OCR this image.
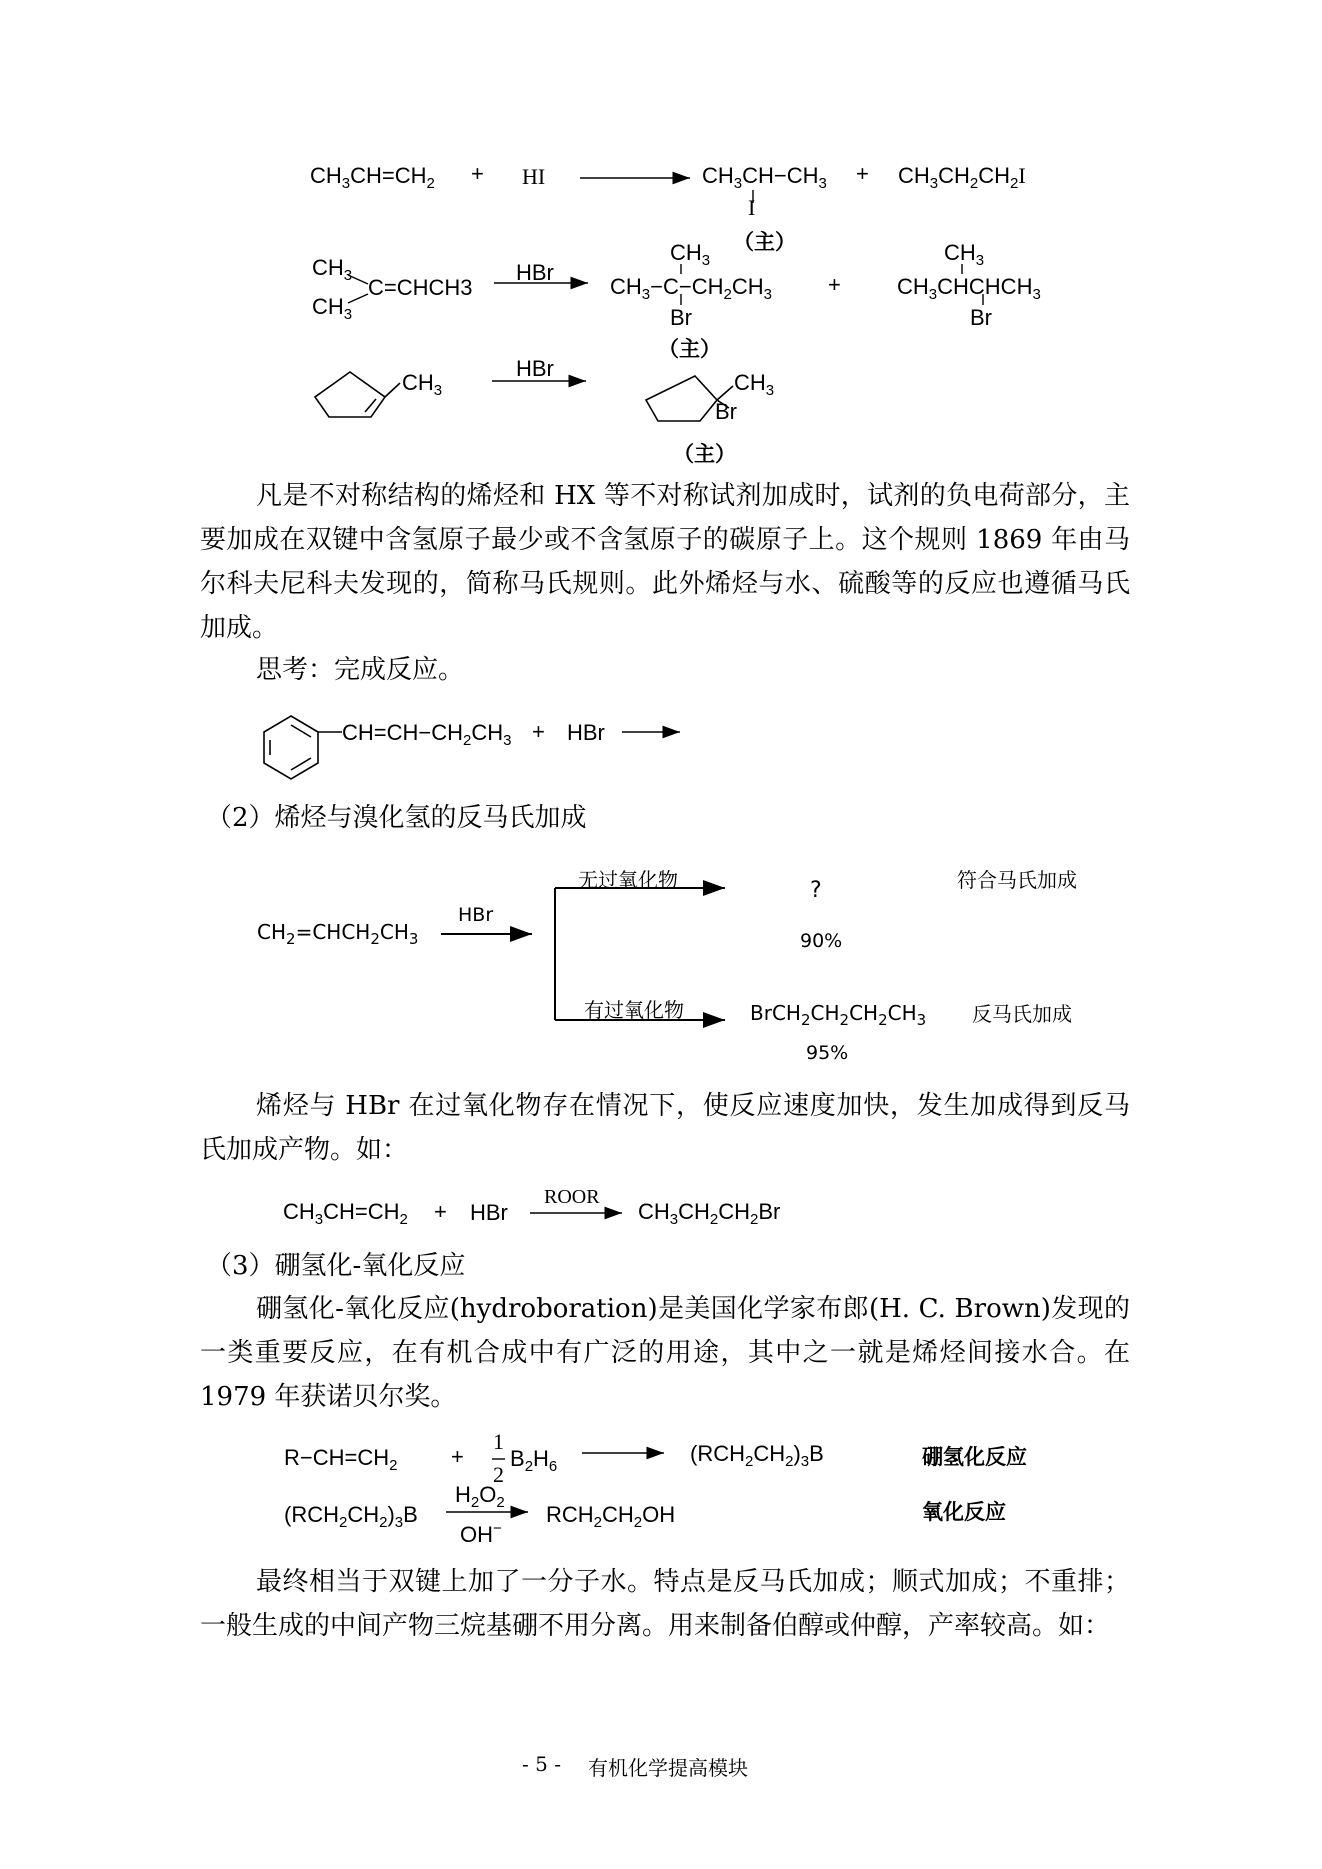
$CH_3CH=CH_2$ + HI	$CH_3CH-CH_3$
I
+ $CH_3CH_2CH_2I$
（主）
$CH_3$ C=CHCH3
$CH_3$
HBr
$CH_3$
$CH_3-C-CH_2CH_3$
Br
+
$CH_3$
$CH_3CHCHCH_3$
Br
（主）
$CH_3$
HBr
$CH_3$
Br
（主）
凡是不对称结构的烯烃和 HX 等不对称试剂加成时，试剂的负电荷部分，主要加成在双键中含氢原子最少或不含氢原子的碳原子上。这个规则 1869 年由马尔科夫尼科夫发现的，简称马氏规则。此外烯烃与水、硫酸等的反应也遵循马氏加成。
思考：完成反应。
$CH=CH-CH_2CH_3$ + HBr
（2）烯烃与溴化氢的反马氏加成
$CH_2=CHCH_2CH_3$
HBr
无过氧化物	?
90%
符合马氏加成
有过氧化物	$BrCH_2CH_2CH_2CH_3$
95%
反马氏加成
烯烃与 HBr 在过氧化物存在情况下，使反应速度加快，发生加成得到反马氏加成产物。如：
$CH_3CH=CH_2$ + HBr
ROOR
$CH_3CH_2CH_2Br$
（3）硼氢化-氧化反应
硼氢化-氧化反应(hydroboration)是美国化学家布郎(H. C. Brown)发现的一类重要反应，在有机合成中有广泛的用途，其中之一就是烯烃间接水合。在 1979 年获诺贝尔奖。
$R-CH=CH_2$ +
1
2
$B_2H_6$
$(RCH_2CH_2)_3B$	硼氢化反应
$(RCH_2CH_2)_3B$
$H_2O_2$
OH−
$RCH_2CH_2OH$	氧化反应
最终相当于双键上加了一分子水。特点是反马氏加成；顺式加成；不重排；一般生成的中间产物三烷基硼不用分离。用来制备伯醇或仲醇，产率较高。如：
- 5 - 有机化学提高模块
